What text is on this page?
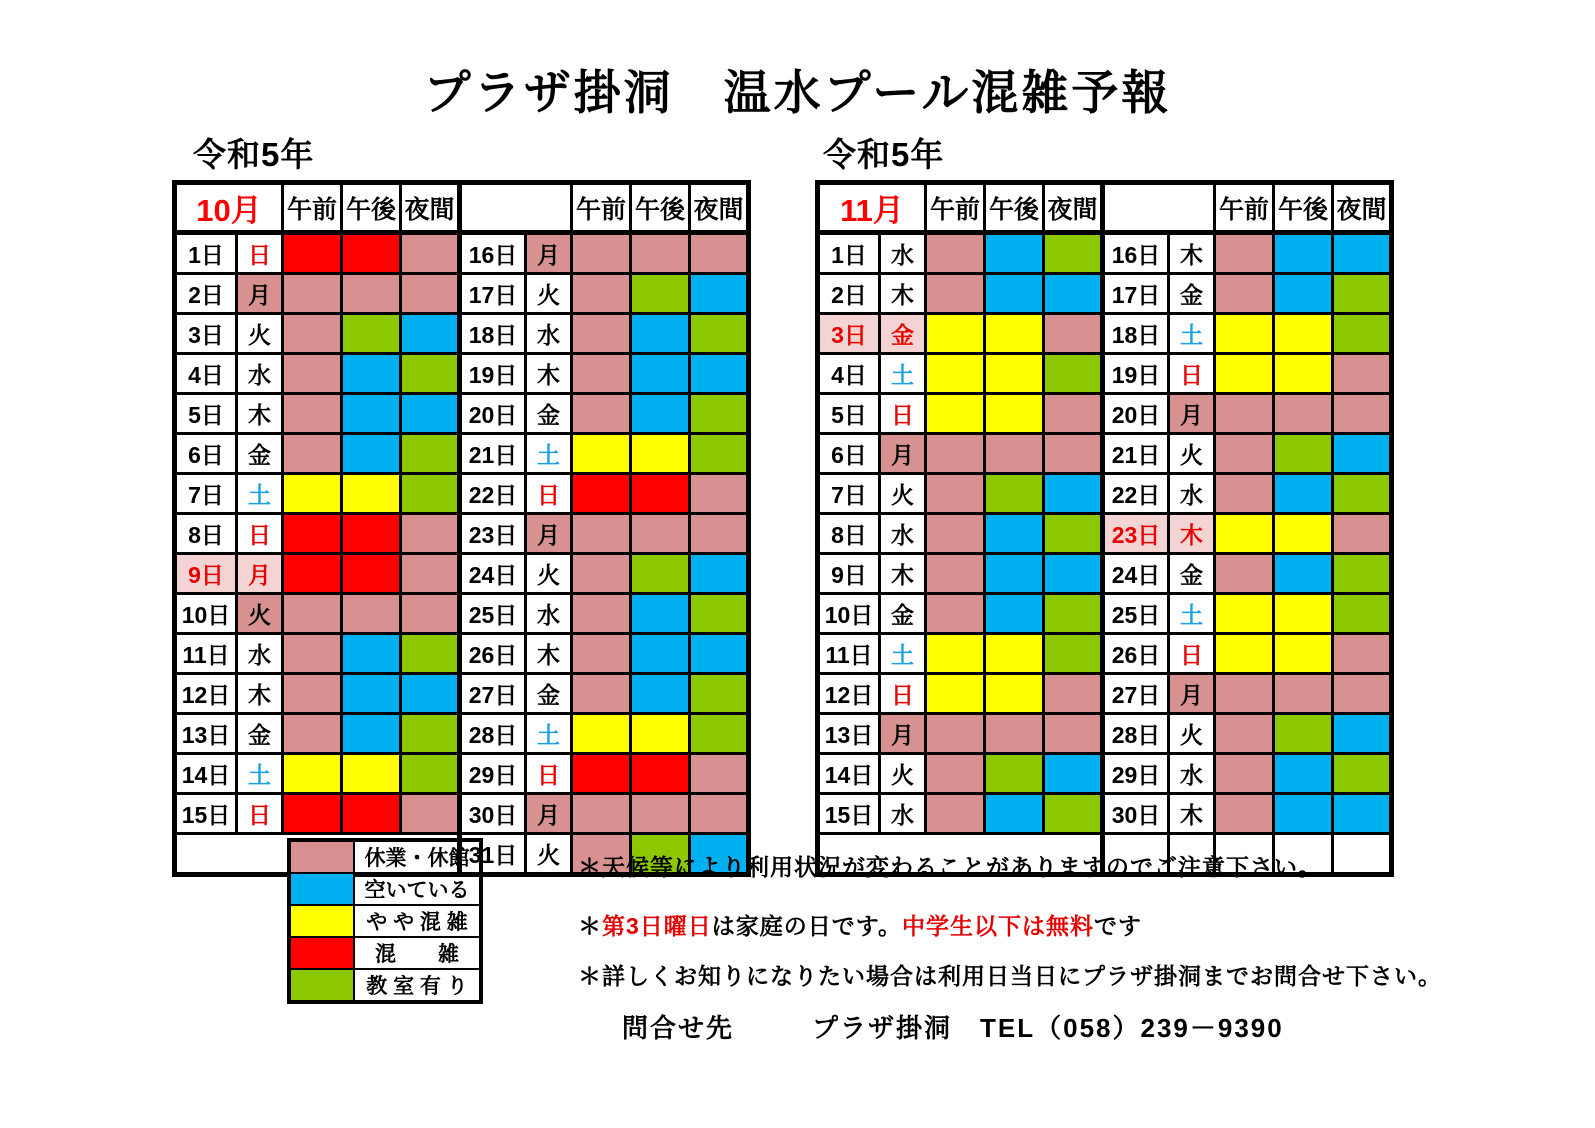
プラザ掛洞　温水プール混雑予報
令和5年	令和5年
10月		午前	午後	夜間			午前	午後	夜間
1日	日				16日	月			
2日	月				17日	火			
3日	火				18日	水			
4日	水				19日	木			
5日	木				20日	金			
6日	金				21日	土			
7日	土				22日	日			
8日	日				23日	月			
9日	月				24日	火			
10日	火				25日	水			
11日	水				26日	木			
12日	木				27日	金			
13日	金				28日	土			
14日	土				29日	日			
15日	日				30日	月			
					31日	火			
11月		午前	午後	夜間			午前	午後	夜間
1日	水				16日	木			
2日	木				17日	金			
3日	金				18日	土			
4日	土				19日	日			
5日	日				20日	月			
6日	月				21日	火			
7日	火				22日	水			
8日	水				23日	木			
9日	木				24日	金			
10日	金				25日	土			
11日	土				26日	日			
12日	日				27日	月			
13日	月				28日	火			
14日	火				29日	水			
15日	水				30日	木			

	休業・休館
	空いている
	や や 混 雑
	混　　雑
	教 室 有 り
＊天候等により利用状況が変わることがありますのでご注意下さい。
＊第3日曜日は家庭の日です。中学生以下は無料です
＊詳しくお知りになりたい場合は利用日当日にプラザ掛洞までお問合せ下さい。
問合せ先	プラザ掛洞　TEL（058）239－9390
